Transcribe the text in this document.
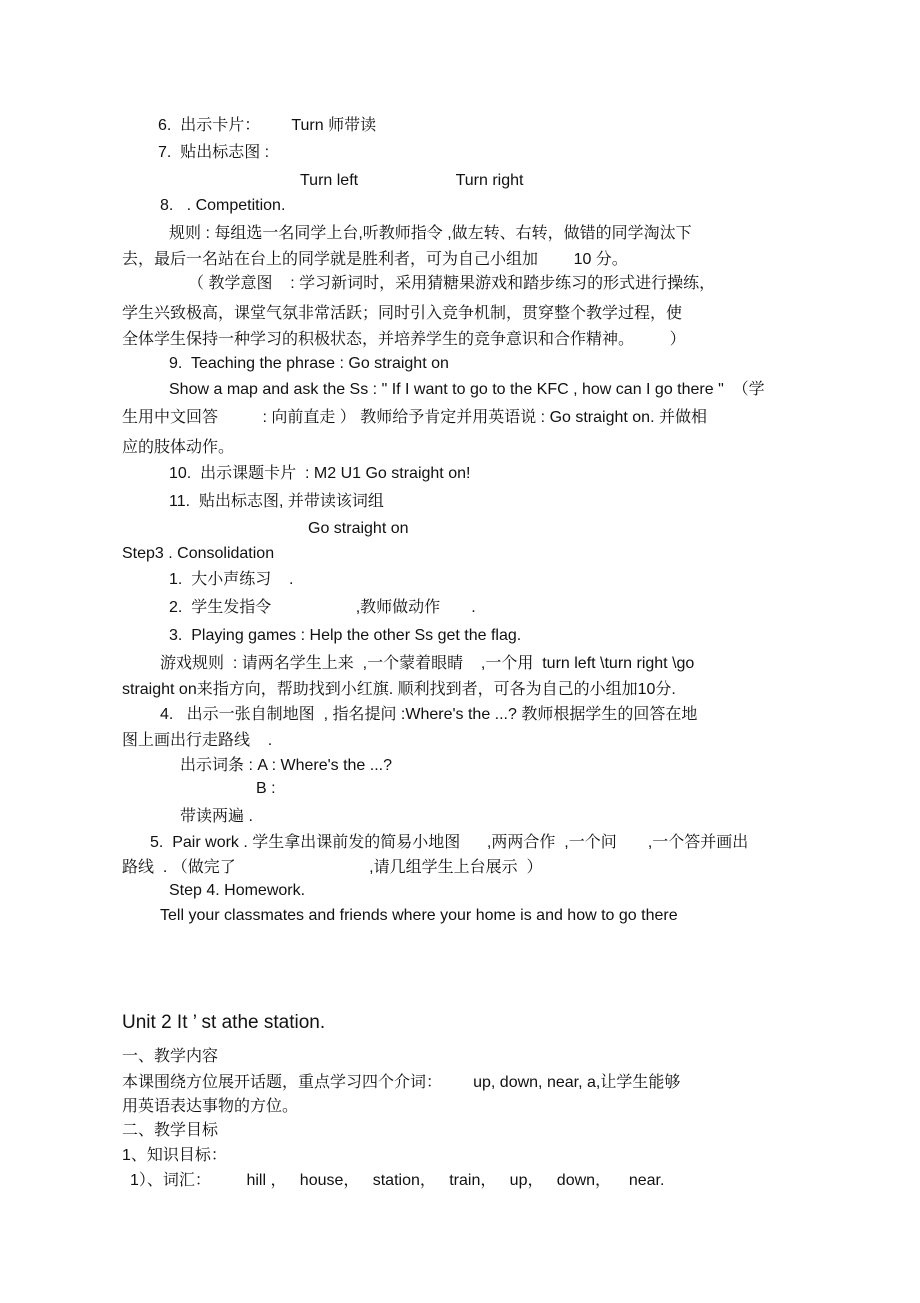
6.  出示卡片：       Turn 师带读
7.  贴出标志图 :
Turn left                      Turn right
8.   . Competition.
规则 : 每组选一名同学上台,听教师指令 ,做左转、右转，做错的同学淘汰下
去，最后一名站在台上的同学就是胜利者，可为自己小组加        10 分。
（ 教学意图    : 学习新词时，采用猜糖果游戏和踏步练习的形式进行操练，
学生兴致极高，课堂气氛非常活跃；同时引入竞争机制，贯穿整个教学过程，使
全体学生保持一种学习的积极状态，并培养学生的竞争意识和合作精神。        ）
9.  Teaching the phrase : Go straight on
Show a map and ask the Ss : " If I want to go to the KFC , how can I go there "  （学
生用中文回答          : 向前直走 ） 教师给予肯定并用英语说 : Go straight on. 并做相
应的肢体动作。
10.  出示课题卡片  : M2 U1 Go straight on!
11.  贴出标志图, 并带读该词组
Go straight on
Step3 . Consolidation
1.  大小声练习    .
2.  学生发指令                   ,教师做动作       .
3.  Playing games : Help the other Ss get the flag.
游戏规则  : 请两名学生上来  ,一个蒙着眼睛    ,一个用  turn left \turn right \go
straight on来指方向，帮助找到小红旗. 顺利找到者，可各为自己的小组加10分.
4.   出示一张自制地图  , 指名提问 :Where's the ...? 教师根据学生的回答在地
图上画出行走路线    .
出示词条 : A : Where's the ...?
B :
带读两遍 .
5.  Pair work . 学生拿出课前发的简易小地图      ,两两合作  ,一个问       ,一个答并画出
路线  . （做完了                              ,请几组学生上台展示  ）
Step 4. Homework.
Tell your classmates and friends where your home is and how to go there
Unit 2 It ’ st athe station.
一、教学内容
本课围绕方位展开话题，重点学习四个介词：       up, down, near, a,让学生能够
用英语表达事物的方位。
二、教学目标
1、知识目标：
1）、词汇：        hill ，   house，   station，   train，   up，   down，    near.
